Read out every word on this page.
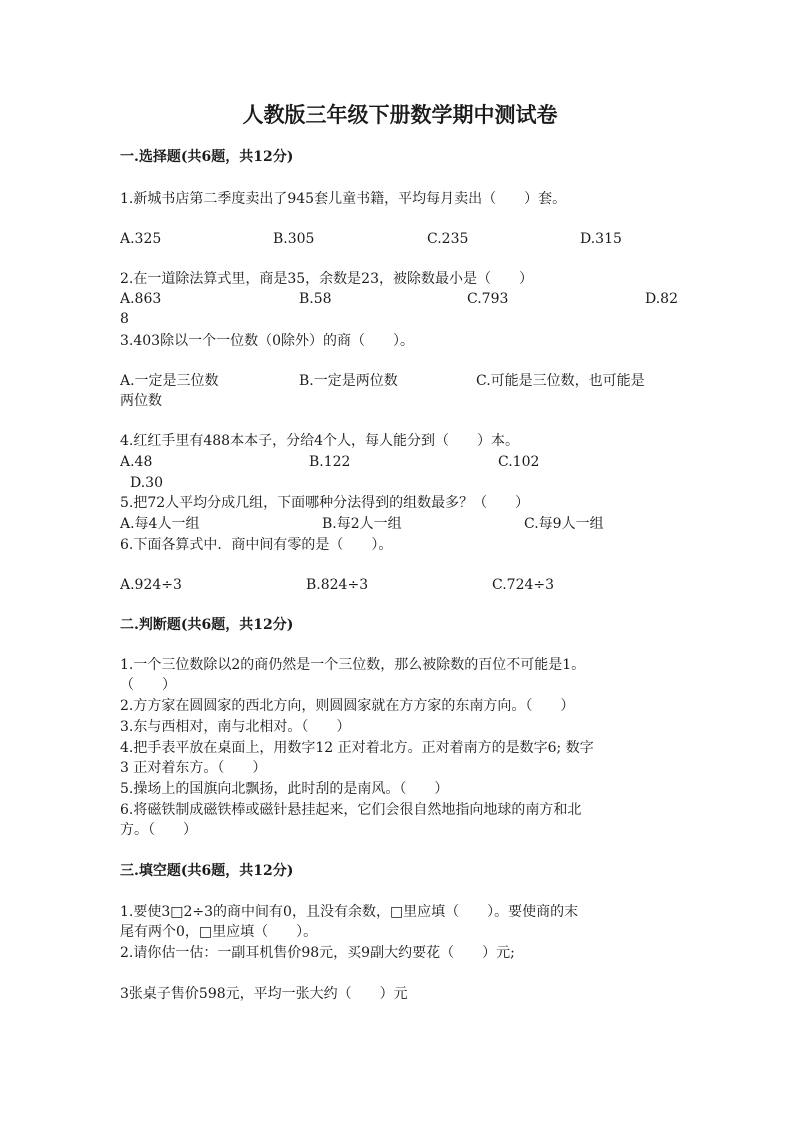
人教版三年级下册数学期中测试卷
一.选择题(共6题，共12分)
1.新城书店第二季度卖出了945套儿童书籍，平均每月卖出（　　）套。
A.325	B.305	C.235	D.315
2.在一道除法算式里，商是35，余数是23，被除数最小是（　　）
A.863	B.58	C.793	D.82
8
3.403除以一个一位数（0除外）的商（　　）。
A.一定是三位数	B.一定是两位数	C.可能是三位数，也可能是
两位数
4.红红手里有488本本子，分给4个人，每人能分到（　　）本。
A.48	B.122	C.102
D.30
5.把72人平均分成几组，下面哪种分法得到的组数最多？（　　）
A.每4人一组	B.每2人一组	C.每9人一组
6.下面各算式中．商中间有零的是（　　）。
A.924÷3	B.824÷3	C.724÷3
二.判断题(共6题，共12分)
1.一个三位数除以2的商仍然是一个三位数，那么被除数的百位不可能是1。
（　　）
2.方方家在圆圆家的西北方向，则圆圆家就在方方家的东南方向。（　　）
3.东与西相对，南与北相对。（　　）
4.把手表平放在桌面上，用数字12 正对着北方。正对着南方的是数字6; 数字
3 正对着东方。（　　）
5.操场上的国旗向北飘扬，此时刮的是南风。（　　）
6.将磁铁制成磁铁棒或磁针悬挂起来，它们会很自然地指向地球的南方和北
方。（　　）
三.填空题(共6题，共12分)
1.要使3□2÷3的商中间有0，且没有余数，□里应填（　　）。要使商的末
尾有两个0，□里应填（　　）。
2.请你估一估：一副耳机售价98元，买9副大约要花（　　）元;
3张桌子售价598元，平均一张大约（　　）元
